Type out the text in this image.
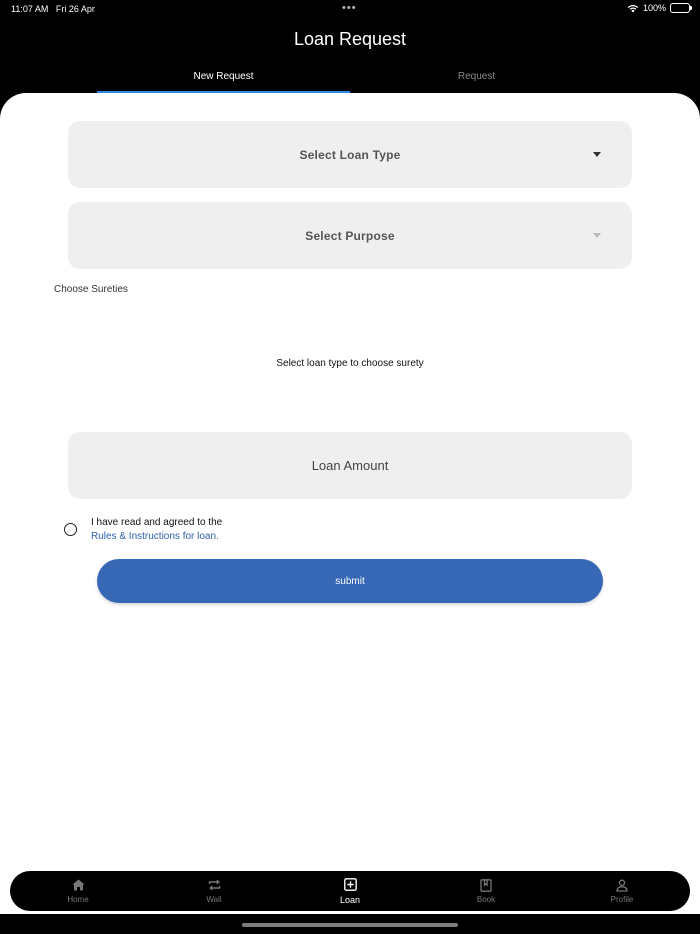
11:07 AM Fri 26 Apr	•••	100%
Loan Request
New Request	Request
Select Loan Type
Select Purpose
Choose Sureties
Select loan type to choose surety
Loan Amount
I have read and agreed to the
Rules & Instructions for loan.
submit
Home	Wall	Loan	Book	Profile
